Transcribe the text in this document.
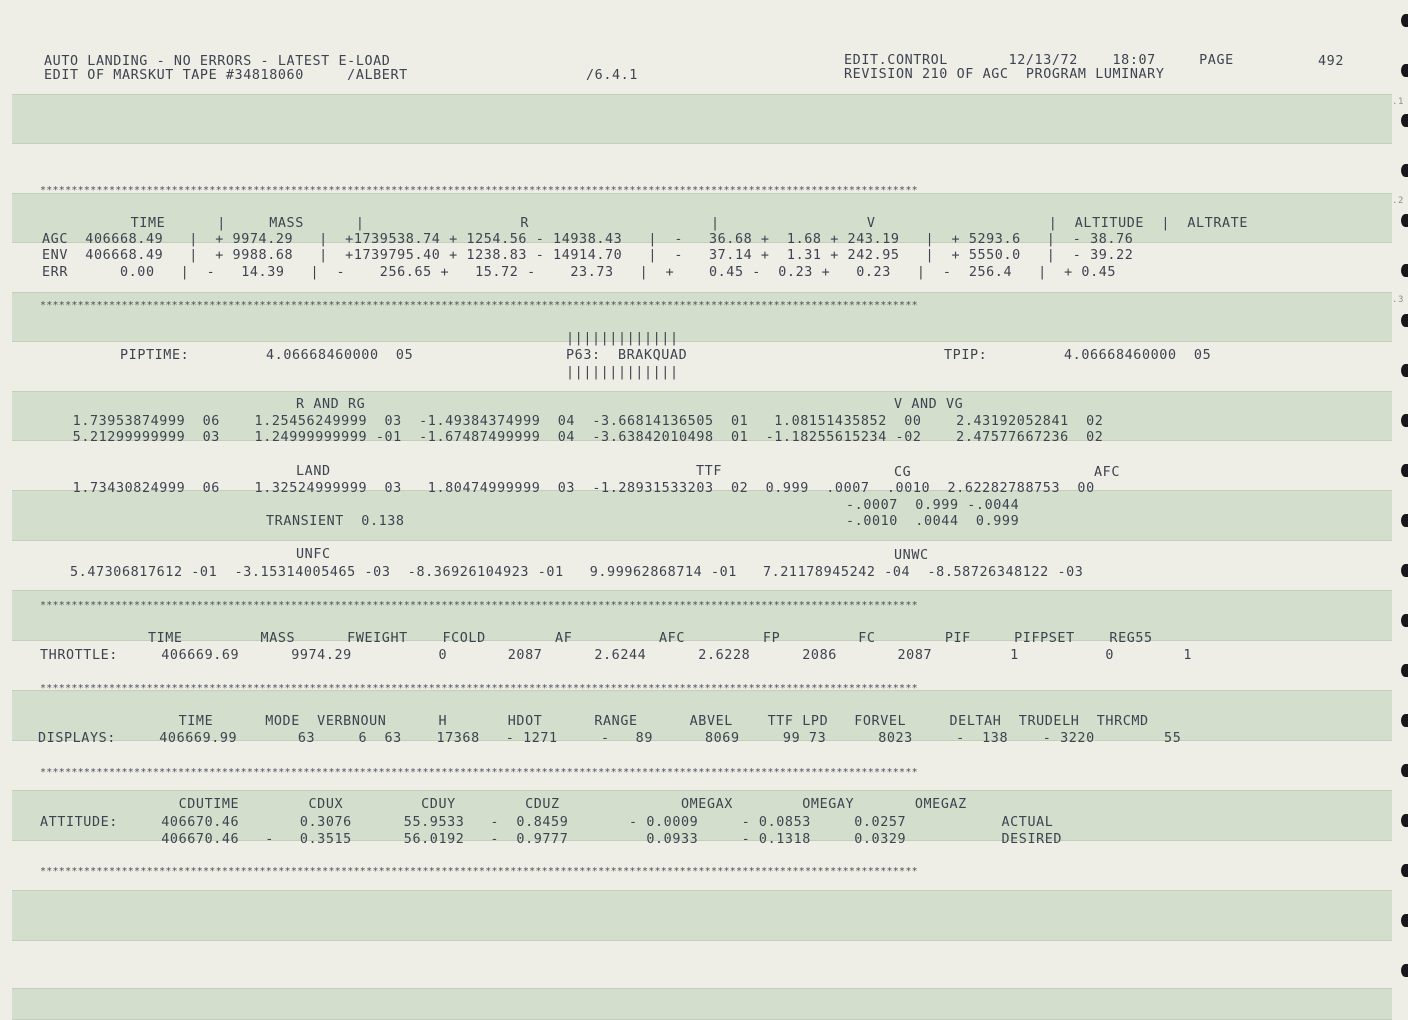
.1
.2
.3
AUTO LANDING - NO ERRORS - LATEST E-LOAD
EDIT OF MARSKUT TAPE #34818060     /ALBERT	/6.4.1
EDIT.CONTROL       12/13/72    18:07     PAGE	492
REVISION 210 OF AGC  PROGRAM LUMINARY
********************************************************************************************************************************************
TIME      |     MASS      |                  R                     |                 V                    |  ALTITUDE  |  ALTRATE
AGC  406668.49   |  + 9974.29   |  +1739538.74 + 1254.56 - 14938.43   |  -   36.68 +  1.68 + 243.19   |  + 5293.6   |  - 38.76
ENV  406668.49   |  + 9988.68   |  +1739795.40 + 1238.83 - 14914.70   |  -   37.14 +  1.31 + 242.95   |  + 5550.0   |  - 39.22
ERR      0.00   |  -   14.39   |  -    256.65 +   15.72 -    23.73   |  +    0.45 -  0.23 +   0.23   |  -  256.4   |  + 0.45
********************************************************************************************************************************************
|||||||||||||
PIPTIME:	4.06668460000  05	P63:  BRAKQUAD	TPIP:	4.06668460000  05
|||||||||||||
R AND RG	V AND VG
1.73953874999  06    1.25456249999  03  -1.49384374999  04  -3.66814136505  01   1.08151435852  00    2.43192052841  02
5.21299999999  03    1.24999999999 -01  -1.67487499999  04  -3.63842010498  01  -1.18255615234 -02    2.47577667236  02
LAND	TTF	CG	AFC
1.73430824999  06    1.32524999999  03   1.80474999999  03  -1.28931533203  02  0.999  .0007  .0010  2.62282788753  00
-.0007  0.999 -.0044
TRANSIENT  0.138	-.0010  .0044  0.999
UNFC	UNWC
5.47306817612 -01  -3.15314005465 -03  -8.36926104923 -01   9.99962868714 -01   7.21178945242 -04  -8.58726348122 -03
********************************************************************************************************************************************
TIME         MASS      FWEIGHT    FCOLD        AF          AFC         FP         FC        PIF     PIFPSET    REG55
THROTTLE:     406669.69      9974.29          0       2087      2.6244      2.6228      2086       2087         1          0        1
********************************************************************************************************************************************
TIME      MODE  VERBNOUN      H       HDOT      RANGE      ABVEL    TTF LPD   FORVEL     DELTAH  TRUDELH  THRCMD
DISPLAYS:     406669.99       63     6  63    17368   - 1271     -   89      8069     99 73      8023     -  138    - 3220        55
********************************************************************************************************************************************
CDUTIME        CDUX         CDUY        CDUZ              OMEGAX        OMEGAY       OMEGAZ
ATTITUDE:     406670.46       0.3076      55.9533   -  0.8459       - 0.0009     - 0.0853     0.0257           ACTUAL
406670.46   -   0.3515      56.0192   -  0.9777         0.0933     - 0.1318     0.0329           DESIRED
********************************************************************************************************************************************
